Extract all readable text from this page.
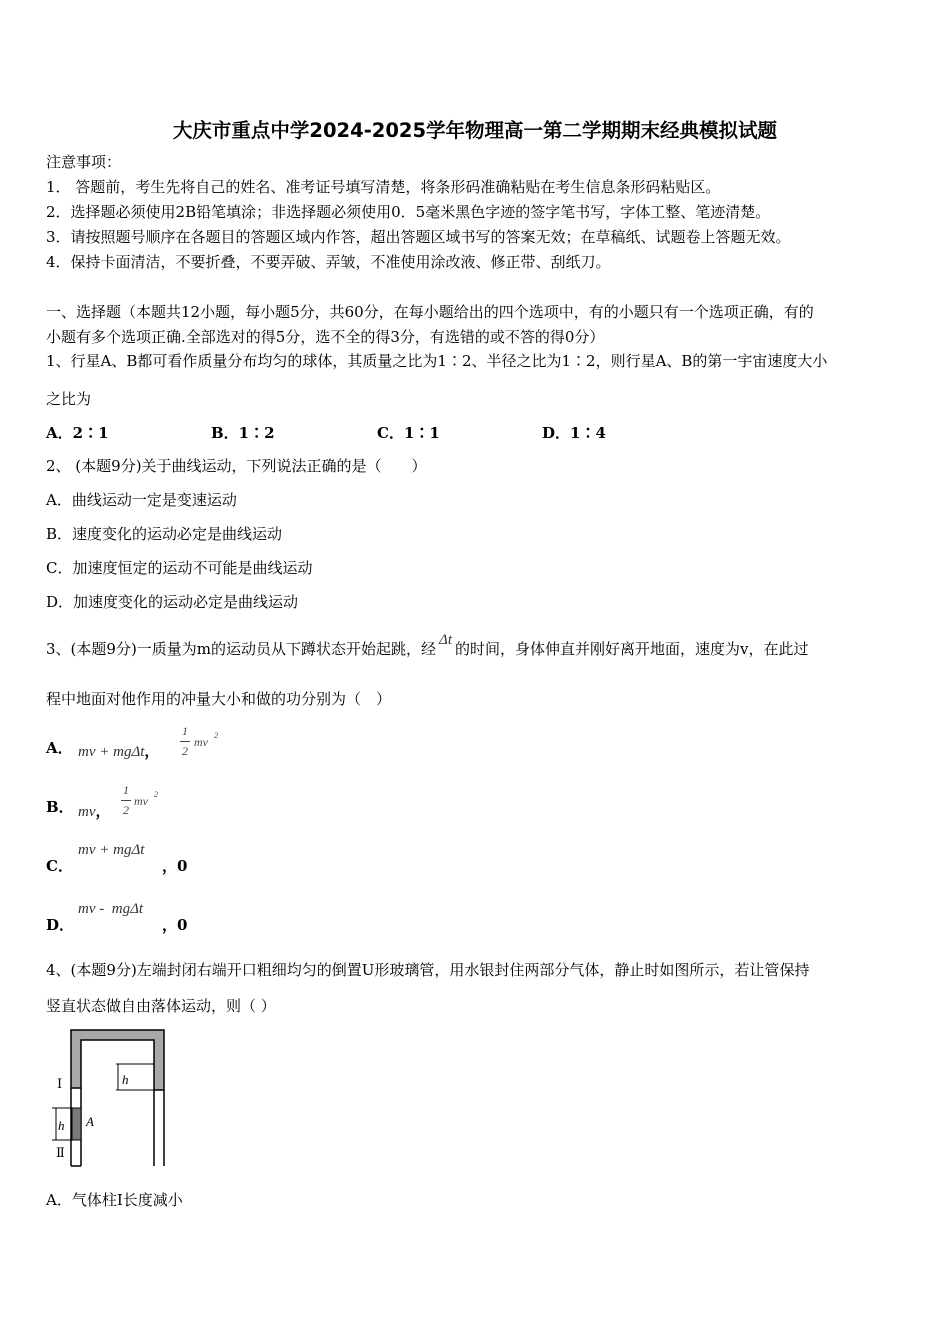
大庆市重点中学2024-2025学年物理高一第二学期期末经典模拟试题
注意事项：
1． 答题前，考生先将自己的姓名、准考证号填写清楚，将条形码准确粘贴在考生信息条形码粘贴区。
2．选择题必须使用2B铅笔填涂；非选择题必须使用0．5毫米黑色字迹的签字笔书写，字体工整、笔迹清楚。
3．请按照题号顺序在各题目的答题区域内作答，超出答题区域书写的答案无效；在草稿纸、试题卷上答题无效。
4．保持卡面清洁，不要折叠，不要弄破、弄皱，不准使用涂改液、修正带、刮纸刀。
一、选择题（本题共12小题，每小题5分，共60分，在每小题给出的四个选项中，有的小题只有一个选项正确，有的
小题有多个选项正确.全部选对的得5分，选不全的得3分，有选错的或不答的得0分）
1、行星A、B都可看作质量分布均匀的球体，其质量之比为1∶2、半径之比为1∶2，则行星A、B的第一宇宙速度大小
之比为
A．2∶1	B．1∶2	C．1∶1	D．1∶4
2、 (本题9分)关于曲线运动，下列说法正确的是（　　）
A．曲线运动一定是变速运动
B．速度变化的运动必定是曲线运动
C．加速度恒定的运动不可能是曲线运动
D．加速度变化的运动必定是曲线运动
3、(本题9分)一质量为m的运动员从下蹲状态开始起跳，经 Δt 的时间，身体伸直并刚好离开地面，速度为v，在此过
程中地面对他作用的冲量大小和做的功分别为（　）
A． mv + mgΔt，
1
2
mv 2
B． mv，
1
2
mv 2
C．
mv + mgΔt
，0
D．
mv -  mgΔt
，0
4、(本题9分)左端封闭右端开口粗细均匀的倒置U形玻璃管，用水银封住两部分气体，静止时如图所示，若让管保持
竖直状态做自由落体运动，则（ ）
h
h A
Ⅰ
Ⅱ
A．气体柱Ⅰ长度减小
